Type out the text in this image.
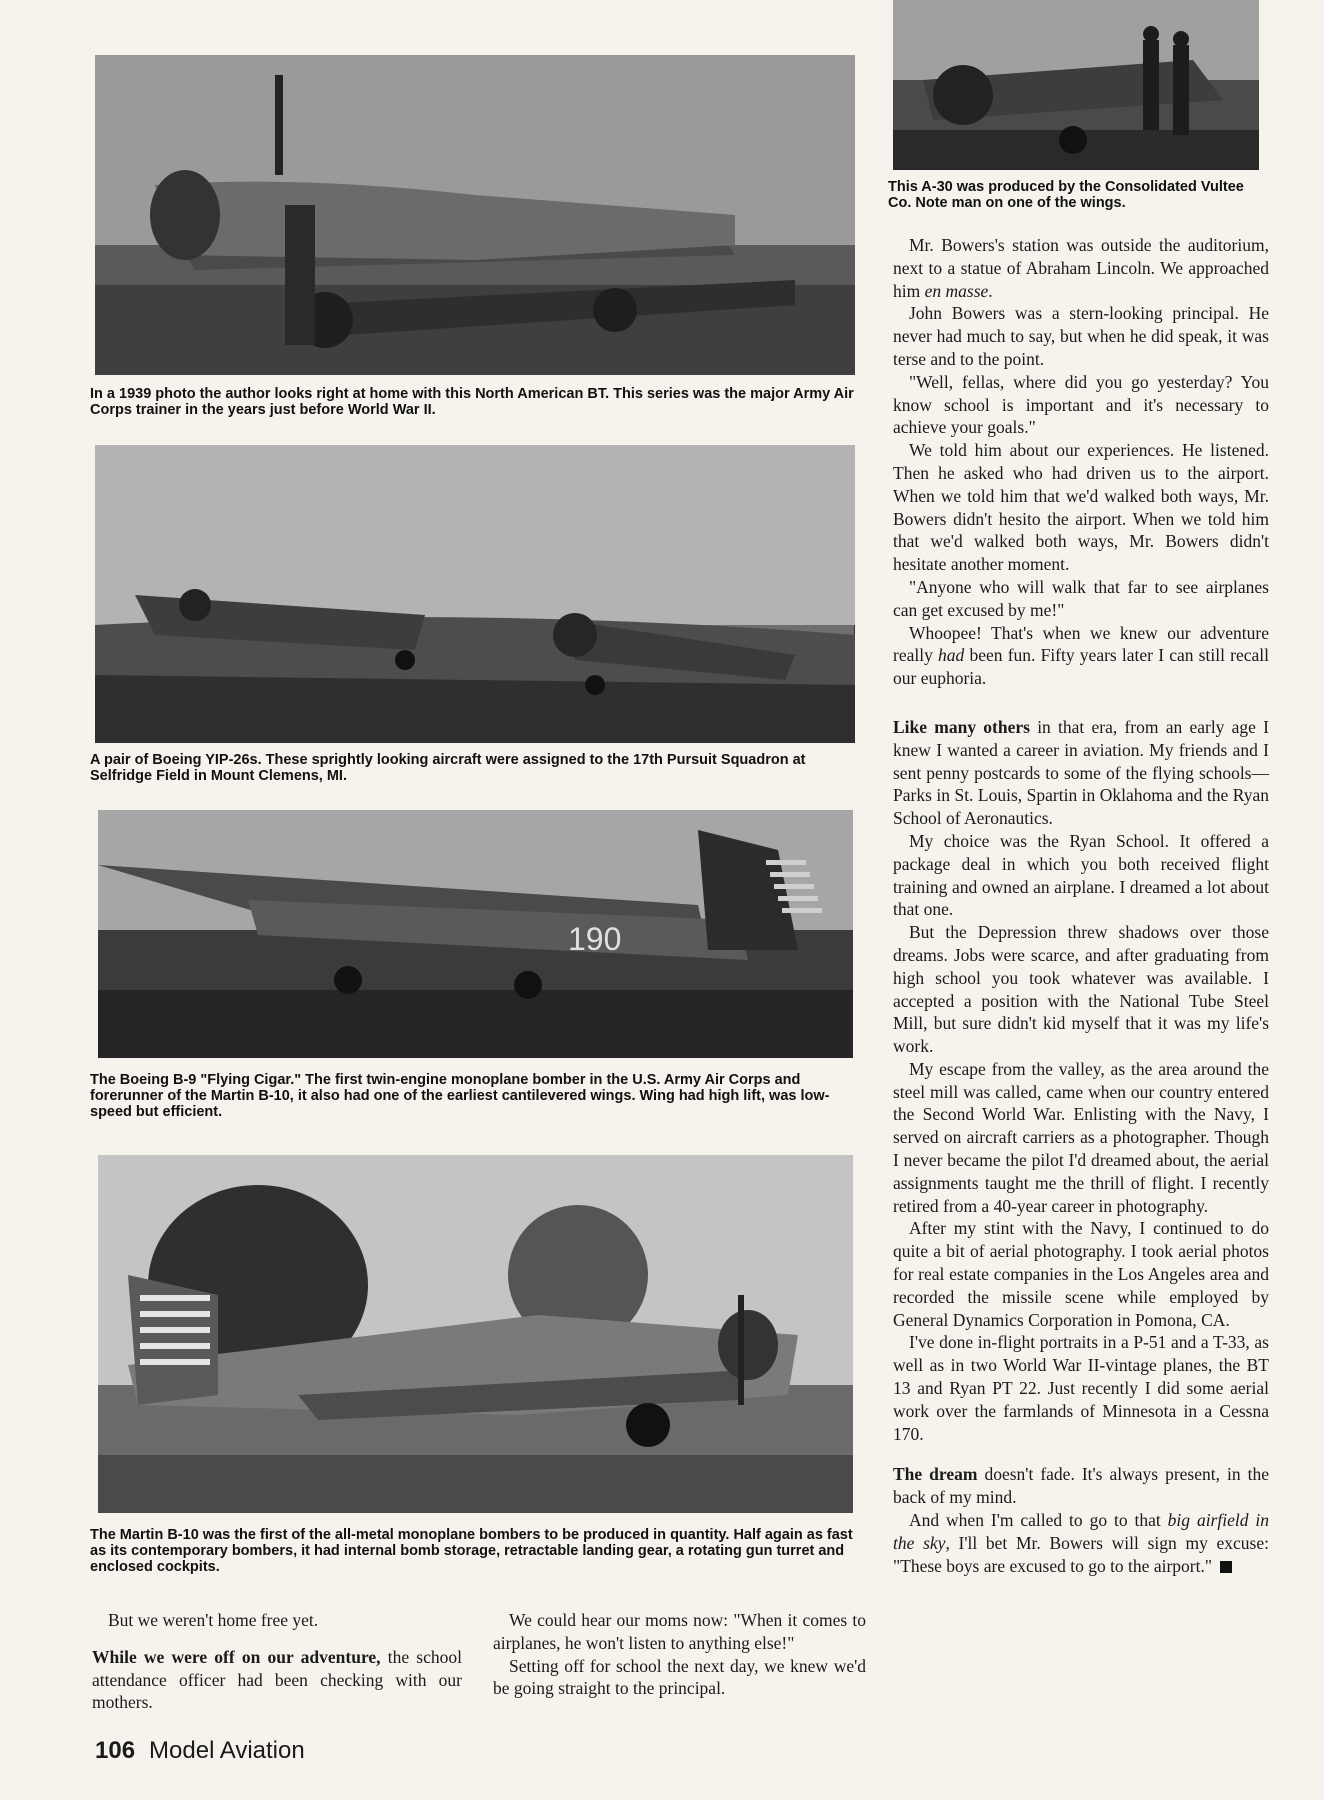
In a 1939 photo the author looks right at home with this North American BT. This series was the major Army Air Corps trainer in the years just before World War II.
A pair of Boeing YIP-26s. These sprightly looking aircraft were assigned to the 17th Pursuit Squadron at Selfridge Field in Mount Clemens, MI.
190
The Boeing B-9 "Flying Cigar." The first twin-engine monoplane bomber in the U.S. Army Air Corps and forerunner of the Martin B-10, it also had one of the earliest cantilevered wings. Wing had high lift, was low-speed but efficient.
The Martin B-10 was the first of the all-metal monoplane bombers to be produced in quantity. Half again as fast as its contemporary bombers, it had internal bomb storage, retractable landing gear, a rotating gun turret and enclosed cockpits.
This A-30 was produced by the Consolidated Vultee Co. Note man on one of the wings.

But we weren't home free yet.

While we were off on our adventure, the school attendance officer had been checking with our mothers.

We could hear our moms now: "When it comes to airplanes, he won't listen to anything else!"

Setting off for school the next day, we knew we'd be going straight to the principal.

Mr. Bowers's station was outside the auditorium, next to a statue of Abraham Lincoln. We approached him en masse.

John Bowers was a stern-looking principal. He never had much to say, but when he did speak, it was terse and to the point.

"Well, fellas, where did you go yesterday? You know school is important and it's necessary to achieve your goals."

We told him about our experiences. He listened. Then he asked who had driven us to the airport. When we told him that we'd walked both ways, Mr. Bowers didn't hesito the airport. When we told him that we'd walked both ways, Mr. Bowers didn't hesitate another moment.

"Anyone who will walk that far to see airplanes can get excused by me!"

Whoopee! That's when we knew our adventure really had been fun. Fifty years later I can still recall our euphoria.

Like many others in that era, from an early age I knew I wanted a career in aviation. My friends and I sent penny postcards to some of the flying schools—Parks in St. Louis, Spartin in Oklahoma and the Ryan School of Aeronautics.

My choice was the Ryan School. It offered a package deal in which you both received flight training and owned an airplane. I dreamed a lot about that one.

But the Depression threw shadows over those dreams. Jobs were scarce, and after graduating from high school you took whatever was available. I accepted a position with the National Tube Steel Mill, but sure didn't kid myself that it was my life's work.

My escape from the valley, as the area around the steel mill was called, came when our country entered the Second World War. Enlisting with the Navy, I served on aircraft carriers as a photographer. Though I never became the pilot I'd dreamed about, the aerial assignments taught me the thrill of flight. I recently retired from a 40-year career in photography.

After my stint with the Navy, I continued to do quite a bit of aerial photography. I took aerial photos for real estate companies in the Los Angeles area and recorded the missile scene while employed by General Dynamics Corporation in Pomona, CA.

I've done in-flight portraits in a P-51 and a T-33, as well as in two World War II-vintage planes, the BT 13 and Ryan PT 22. Just recently I did some aerial work over the farmlands of Minnesota in a Cessna 170.

The dream doesn't fade. It's always present, in the back of my mind.

And when I'm called to go to that big airfield in the sky, I'll bet Mr. Bowers will sign my excuse: "These boys are excused to go to the airport."

106 Model Aviation
